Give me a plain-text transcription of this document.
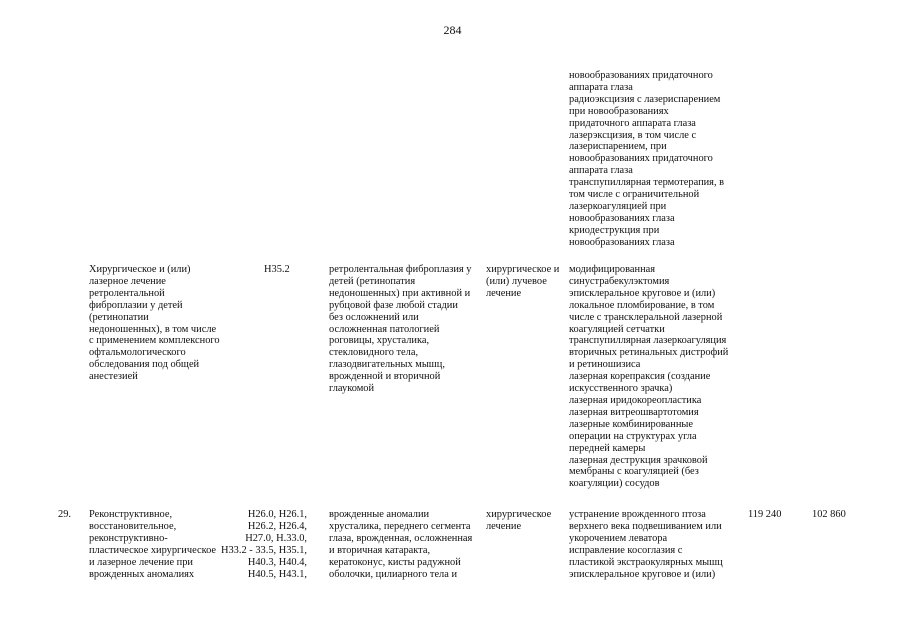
284
новообразованиях придаточного
аппарата глаза
радиоэксцизия с лазериспарением
при новообразованиях
придаточного аппарата глаза
лазерэксцизия, в том числе с
лазериспарением, при
новообразованиях придаточного
аппарата глаза
транспупиллярная термотерапия, в
том числе с ограничительной
лазеркоагуляцией при
новообразованиях глаза
криодеструкция при
новообразованиях глаза
Хирургическое и (или)
лазерное лечение
ретролентальной
фиброплазии у детей
(ретинопатии
недоношенных), в том числе
с применением комплексного
офтальмологического
обследования под общей
анестезией
H35.2	ретролентальная фиброплазия у
детей (ретинопатия
недоношенных) при активной и
рубцовой фазе любой стадии
без осложнений или
осложненная патологией
роговицы, хрусталика,
стекловидного тела,
глазодвигательных мышц,
врожденной и вторичной
глаукомой
хирургическое и
(или) лучевое
лечение
модифицированная
синустрабекулэктомия
эписклеральное круговое и (или)
локальное пломбирование, в том
числе с трансклеральной лазерной
коагуляцией сетчатки
транспупиллярная лазеркоагуляция
вторичных ретинальных дистрофий
и ретиношизиса
лазерная корепраксия (создание
искусственного зрачка)
лазерная иридокореопластика
лазерная витреошвартотомия
лазерные комбинированные
операции на структурах угла
передней камеры
лазерная деструкция зрачковой
мембраны с коагуляцией (без
коагуляции) сосудов
29. Реконструктивное,
восстановительное,
реконструктивно-
пластическое хирургическое
и лазерное лечение при
врожденных аномалиях
H26.0, H26.1,
H26.2, H26.4,
H27.0, H.33.0,
H33.2 - 33.5, H35.1,
H40.3, H40.4,
H40.5, H43.1,
врожденные аномалии
хрусталика, переднего сегмента
глаза, врожденная, осложненная
и вторичная катаракта,
кератоконус, кисты радужной
оболочки, цилиарного тела и
хирургическое
лечение
устранение врожденного птоза
верхнего века подвешиванием или
укорочением леватора
исправление косоглазия с
пластикой экстраокулярных мышц
эписклеральное круговое и (или)
119 240	102 860
